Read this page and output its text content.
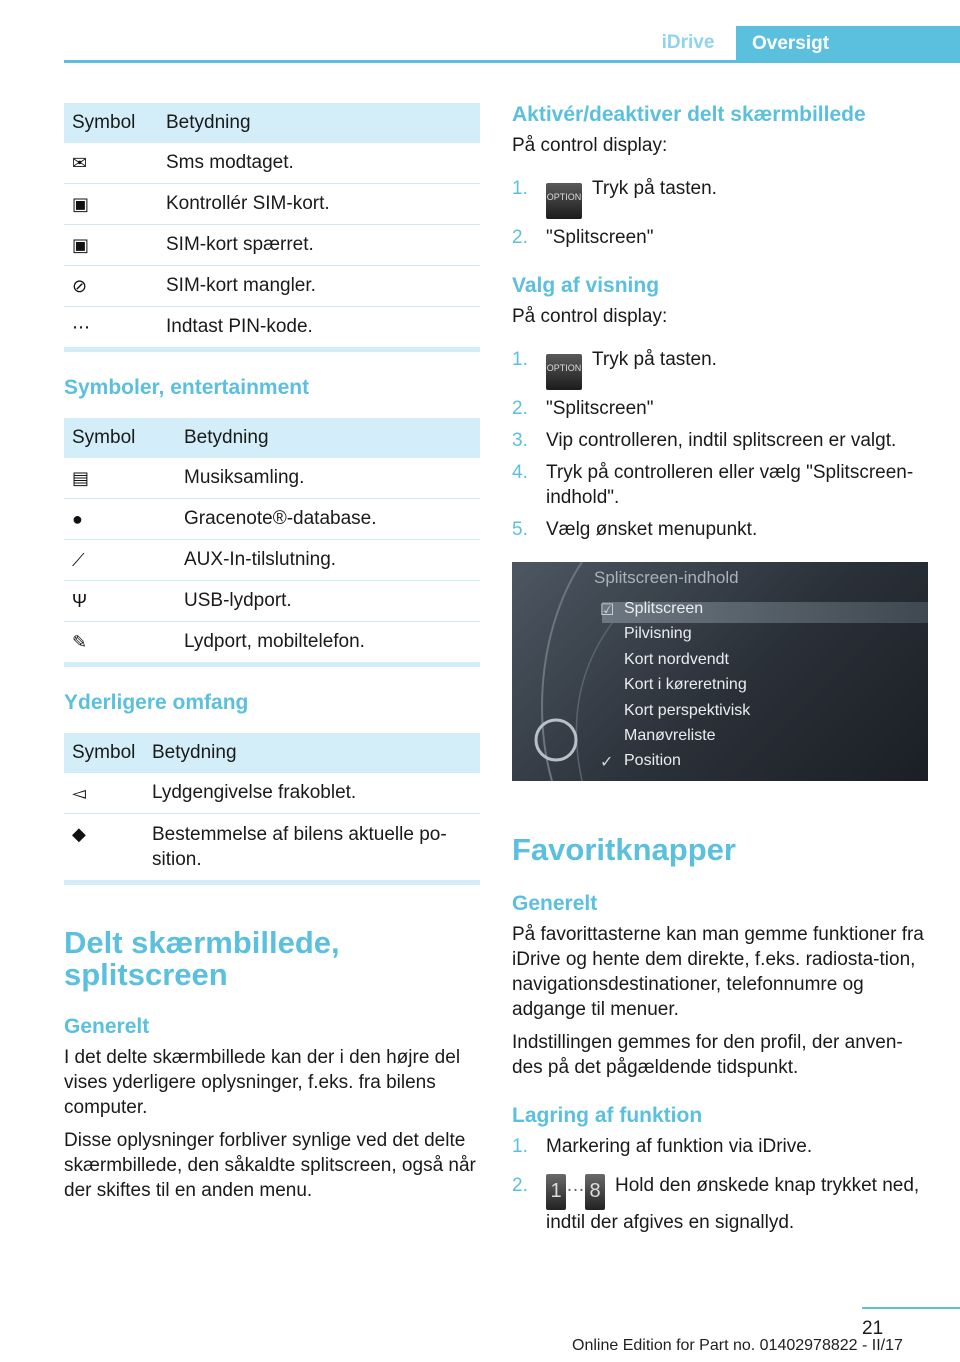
iDrive	Oversigt
Symbol	Betydning
✉	Sms modtaget.
▣	Kontrollér SIM-kort.
▣	SIM-kort spærret.
⊘	SIM-kort mangler.
⋯	Indtast PIN-kode.
Symboler, entertainment
Symbol	Betydning
▤	Musiksamling.
●	Gracenote®-database.
⟋	AUX-In-tilslutning.
Ψ	USB-lydport.
✎	Lydport, mobiltelefon.
Yderligere omfang
Symbol	Betydning
◅	Lydgengivelse frakoblet.
◆	Bestemmelse af bilens aktuelle po-sition.
Delt skærmbillede,
splitscreen
Generelt

I det delte skærmbillede kan der i den højre del vises yderligere oplysninger, f.eks. fra bilens computer.

Disse oplysninger forbliver synlige ved det delte skærmbillede, den såkaldte splitscreen, også når der skiftes til en anden menu.

Aktivér/deaktiver delt skærmbillede

På control display:

1. OPTION Tryk på tasten.
2. "Splitscreen"
Valg af visning

På control display:

1. OPTION Tryk på tasten.
2. "Splitscreen"
3. Vip controlleren, indtil splitscreen er valgt.
4. Tryk på controlleren eller vælg "Splitscreen-indhold".
5. Vælg ønsket menupunkt.
Splitscreen-indhold
☑ Splitscreen
Pilvisning
Kort nordvendt
Kort i køreretning
Kort perspektivisk
Manøvreliste
✓ Position
Favoritknapper
Generelt

På favorittasterne kan man gemme funktioner fra iDrive og hente dem direkte, f.eks. radiosta-tion, navigationsdestinationer, telefonnumre og adgange til menuer.

Indstillingen gemmes for den profil, der anven-des på det pågældende tidspunkt.

Lagring af funktion
1. Markering af funktion via iDrive.
2. 1 … 8 Hold den ønskede knap trykket ned, indtil der afgives en signallyd.
21
Online Edition for Part no. 01402978822 - II/17
